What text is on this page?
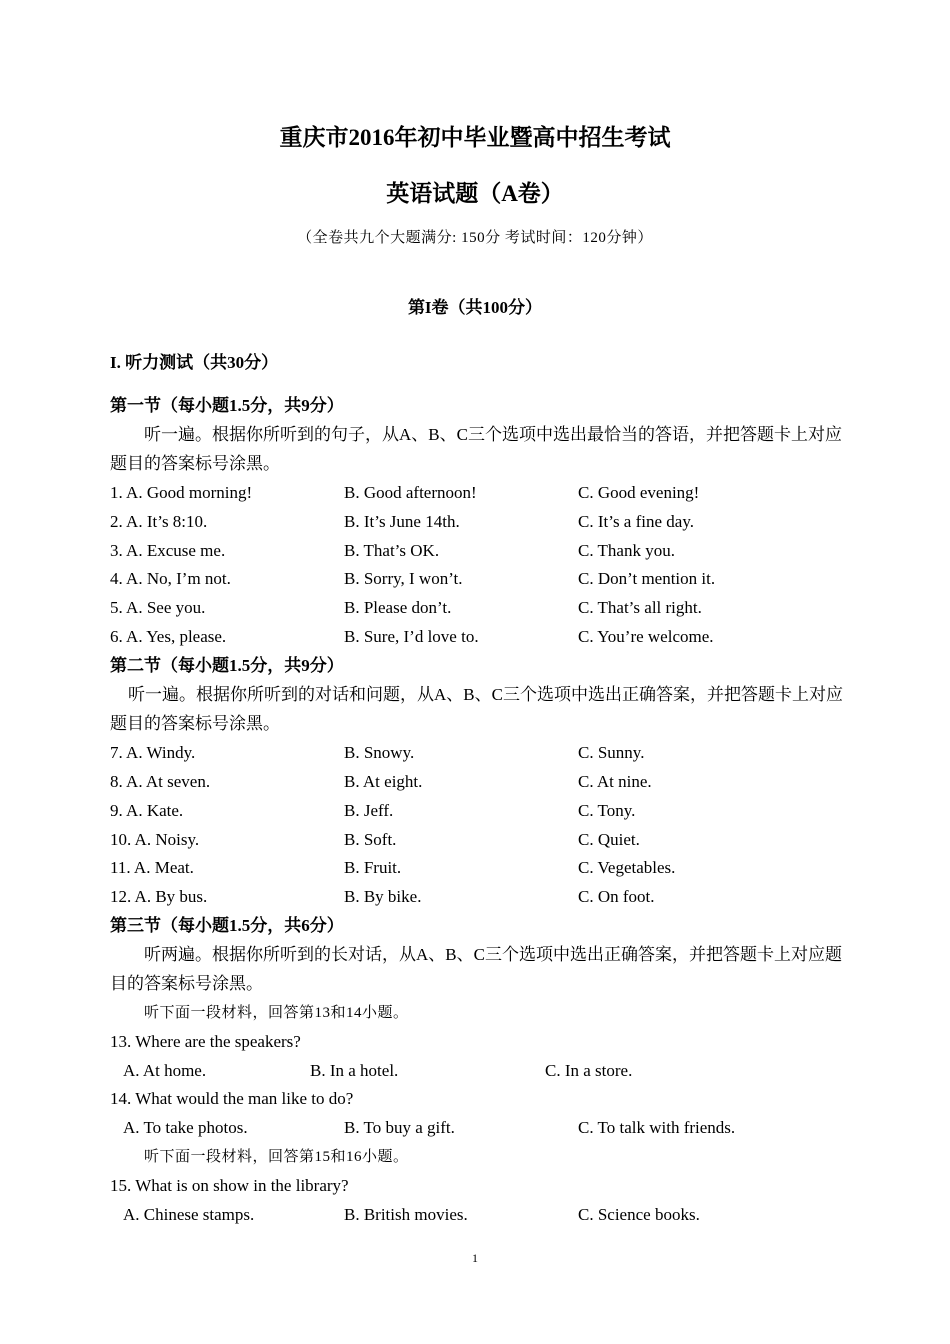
重庆市2016年初中毕业暨高中招生考试
英语试题（A卷）
（全卷共九个大题满分: 150分 考试时间：120分钟）
第I卷（共100分）
I. 听力测试（共30分）
第一节（每小题1.5分，共9分）
听一遍。根据你所听到的句子，从A、B、C三个选项中选出最恰当的答语，并把答题卡上对应
题目的答案标号涂黑。
1. A. Good morning!	B. Good afternoon!	C. Good evening!
2. A. It’s 8:10.	B. It’s June 14th.	C. It’s a fine day.
3. A. Excuse me.	B. That’s OK.	C. Thank you.
4. A. No, I’m not.	B. Sorry, I won’t.	C. Don’t mention it.
5. A. See you.	B. Please don’t.	C. That’s all right.
6. A. Yes, please.	B. Sure, I’d love to.	C. You’re welcome.
第二节（每小题1.5分，共9分）
听一遍。根据你所听到的对话和问题，从A、B、C三个选项中选出正确答案，并把答题卡上对应
题目的答案标号涂黑。
7. A. Windy.	B. Snowy.	C. Sunny.
8. A. At seven.	B. At eight.	C. At nine.
9. A. Kate.	B. Jeff.	C. Tony.
10. A. Noisy.	B. Soft.	C. Quiet.
11. A. Meat.	B. Fruit.	C. Vegetables.
12. A. By bus.	B. By bike.	C. On foot.
第三节（每小题1.5分，共6分）
听两遍。根据你所听到的长对话，从A、B、C三个选项中选出正确答案，并把答题卡上对应题
目的答案标号涂黑。
听下面一段材料，回答第13和14小题。
13. Where are the speakers?
A. At home.	B. In a hotel.	C. In a store.
14. What would the man like to do?
A. To take photos.	B. To buy a gift.	C. To talk with friends.
听下面一段材料，回答第15和16小题。
15. What is on show in the library?
A. Chinese stamps.	B. British movies.	C. Science books.
1
